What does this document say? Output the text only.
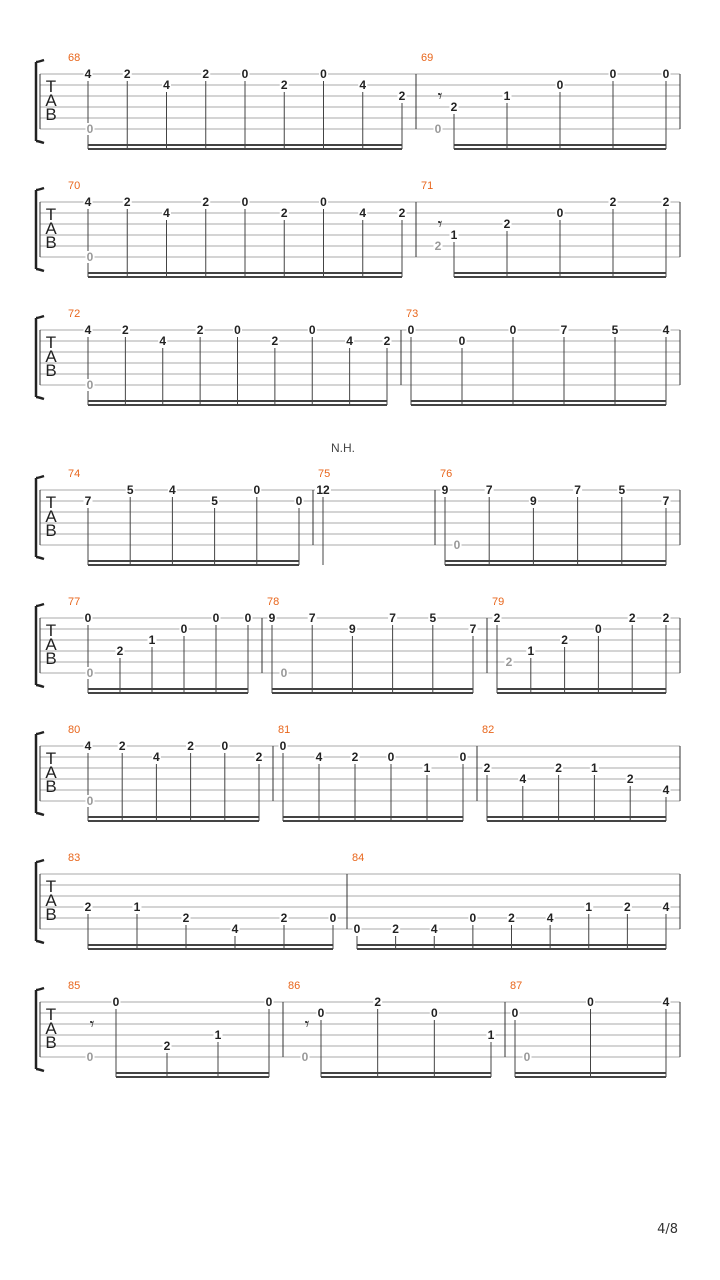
T
A
B
68
4	2
4
2	0
2
0
4
2
0
69
𝄾
2
1
0
0	0
0
T
A
B
70
4	2
4
2	0
2
0
4	2
0
71
𝄾
1
2
0
2	2
2
T
A
B
72
4	2
4
2	0
2
0
4	2
0
73
0
0
0	7	5	4
T
A
B
N.H.
74
7
5	4
5
0
0
75
12
76
9	7
9
7	5
7
0
T
A
B
77
0
2
1
0
0 0
0
78
9	7
9
7	5
7
0
79
2
1
2
0
2 2
2
T
A
B
80
4 2
4
2 0
2
0
81
0
4 2 0
1
0
82
2
4
2 1
2
4
T
A
B
83
2	1
2
4
2	0
84
0	2	4
0	2	4
1	2	4
T
A
B
85
𝄾
0
2
1
0
0
86
𝄾
0
2
0
1
0
87
0
0	4
0
4/8
